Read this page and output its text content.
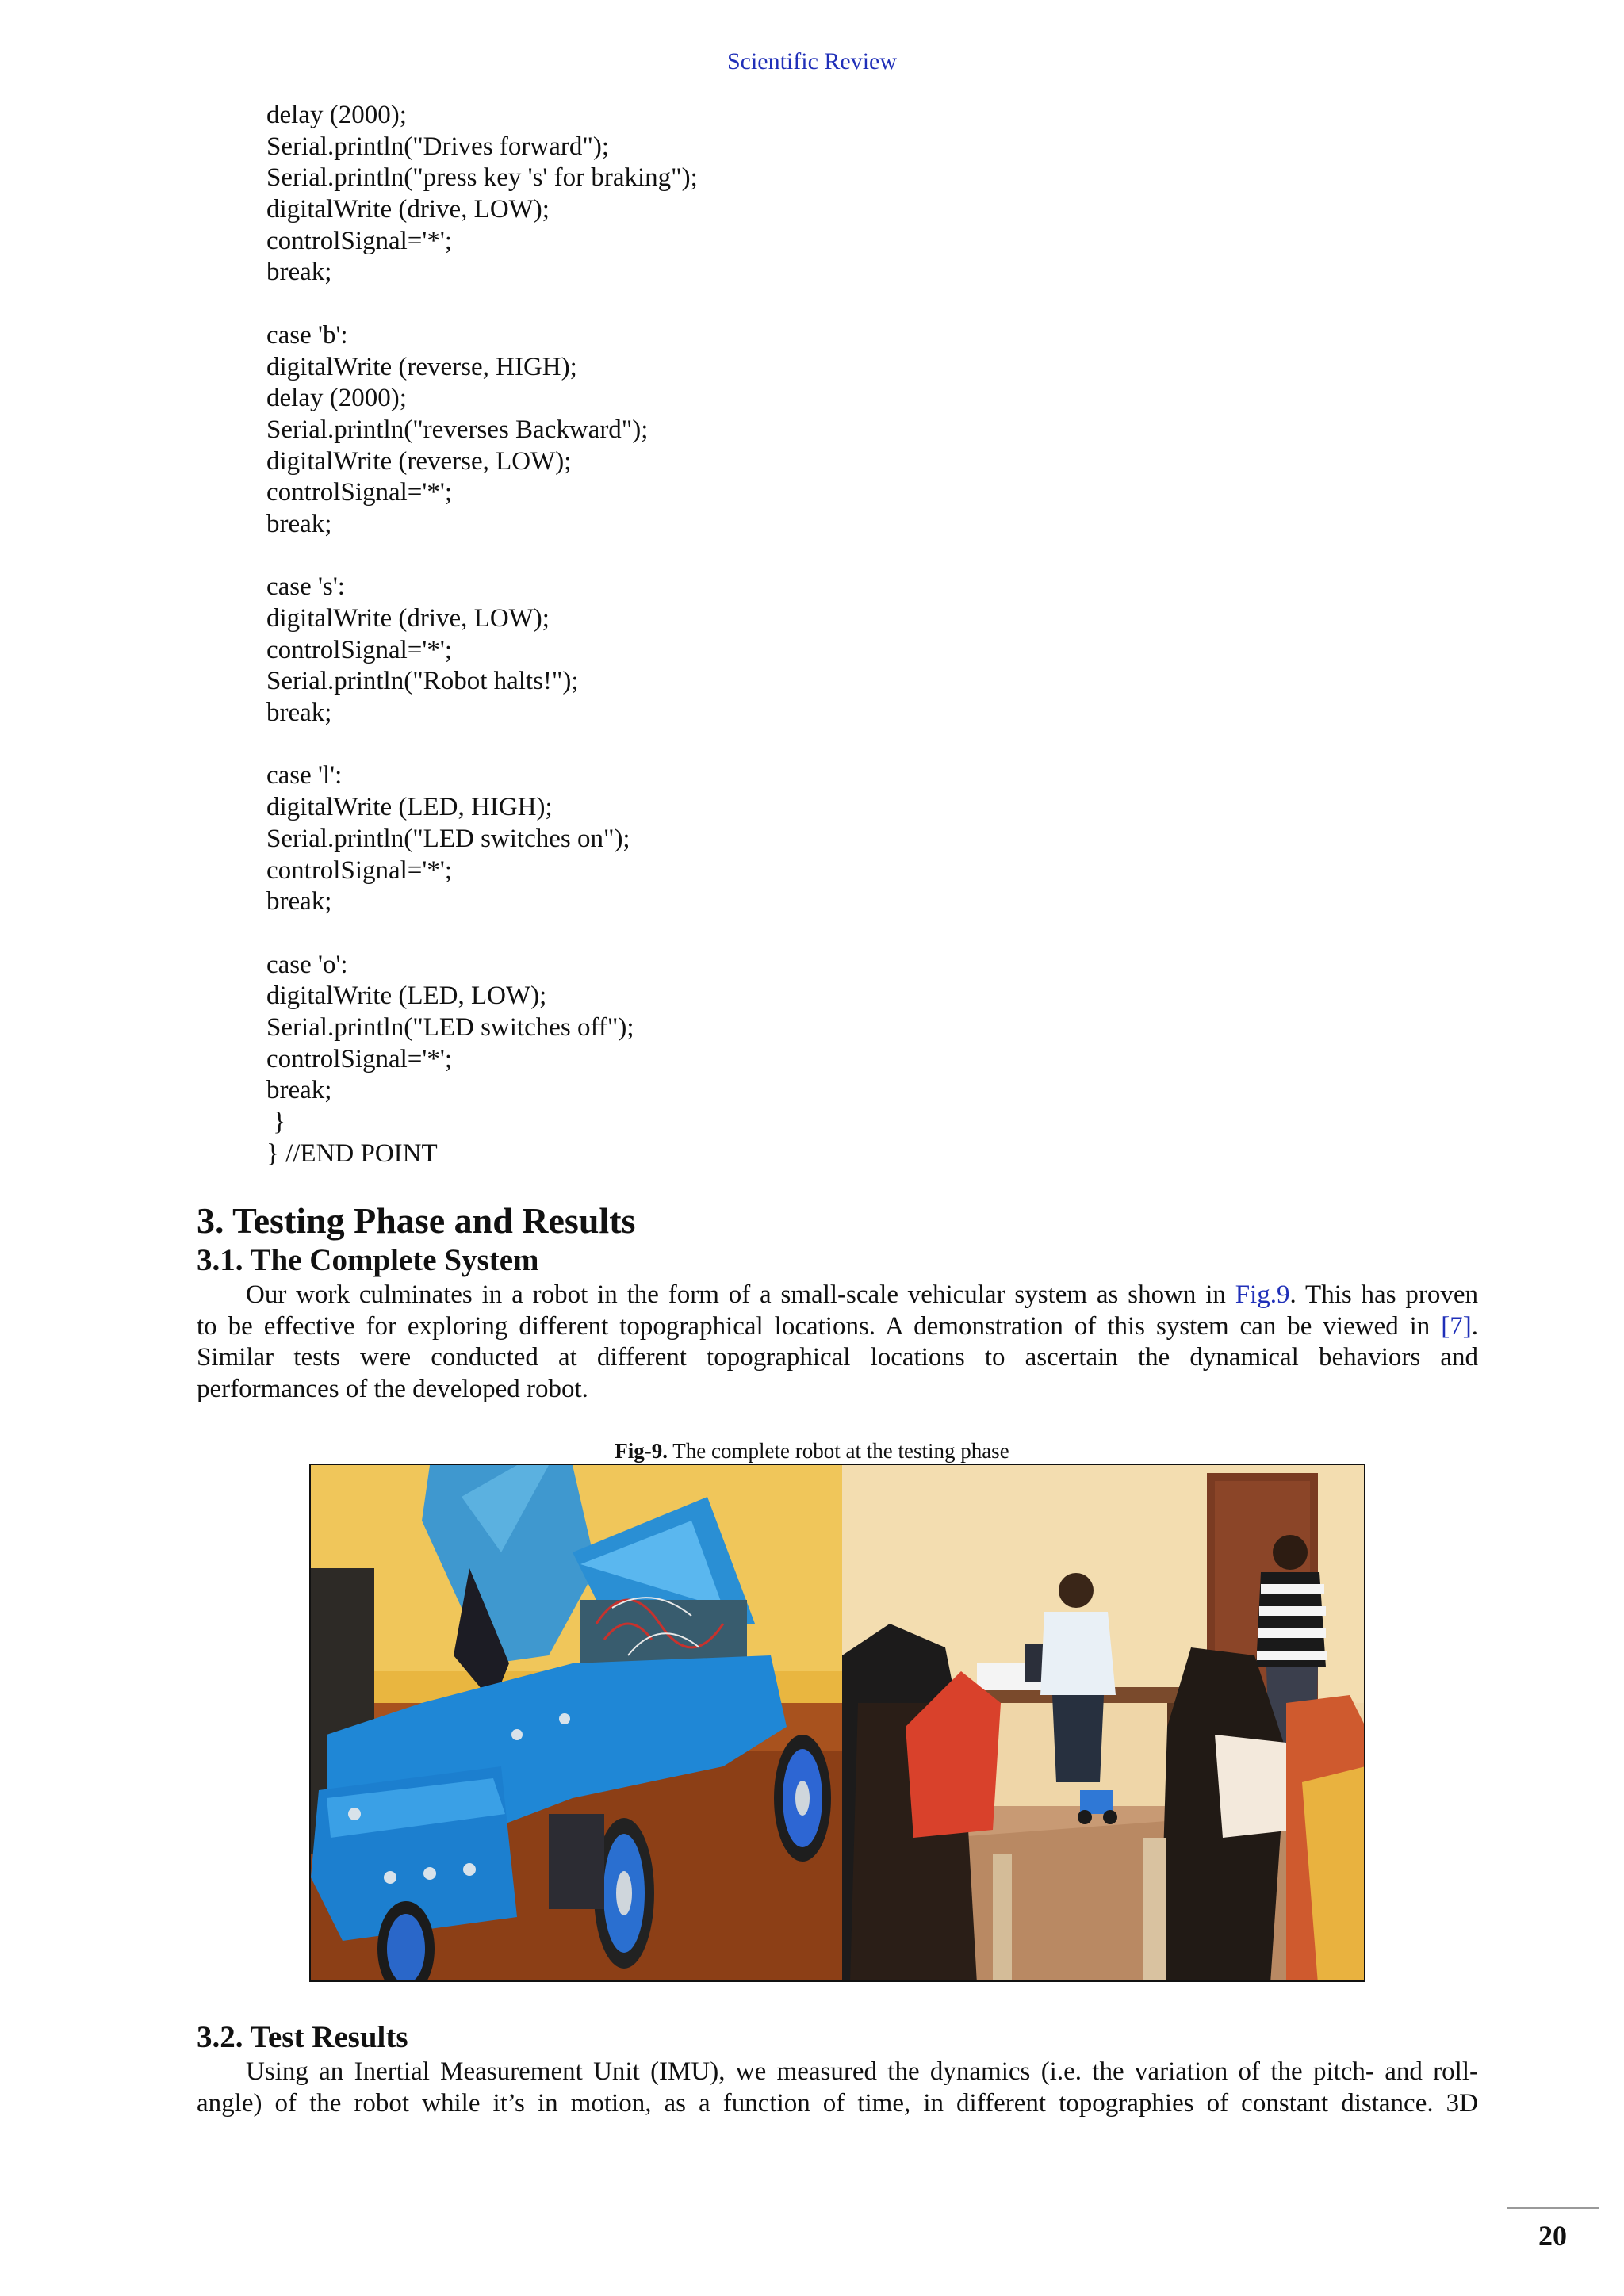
Scientific Review
delay (2000);
Serial.println("Drives forward");
Serial.println("press key 's' for braking");
digitalWrite (drive, LOW);
controlSignal='*';
break;
case 'b':
digitalWrite (reverse, HIGH);
delay (2000);
Serial.println("reverses Backward");
digitalWrite (reverse, LOW);
controlSignal='*';
break;
case 's':
digitalWrite (drive, LOW);
controlSignal='*';
Serial.println("Robot halts!");
break;
case 'l':
digitalWrite (LED, HIGH);
Serial.println("LED switches on");
controlSignal='*';
break;
case 'o':
digitalWrite (LED, LOW);
Serial.println("LED switches off");
controlSignal='*';
break;
}
} //END POINT
3. Testing Phase and Results
3.1. The Complete System
Our work culminates in a robot in the form of a small-scale vehicular system as shown in Fig.9. This has proven
to be effective for exploring different topographical locations. A demonstration of this system can be viewed in [7].
Similar tests were conducted at different topographical locations to ascertain the dynamical behaviors and
performances of the developed robot.
Fig-9. The complete robot at the testing phase
3.2. Test Results
Using an Inertial Measurement Unit (IMU), we measured the dynamics (i.e. the variation of the pitch- and roll-
angle) of the robot while it’s in motion, as a function of time, in different topographies of constant distance. 3D
20
